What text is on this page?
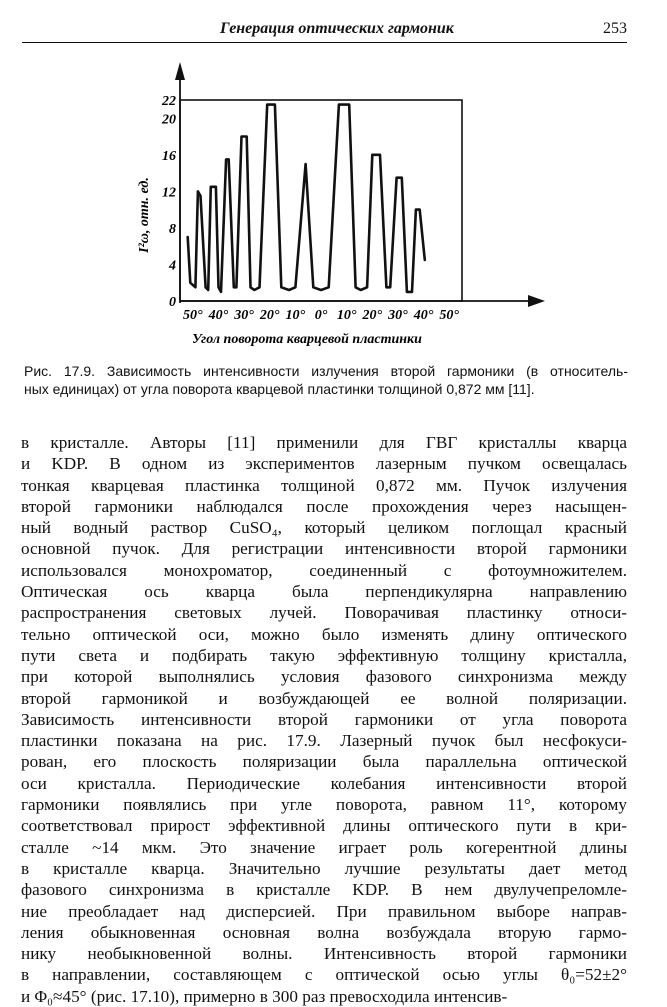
Генерация оптических гармоник	253
0
4
8
12
16
20
22
50° 40° 30° 20° 10° 0° 10° 20° 30° 40° 50°
I²ω, отн. ед.
Угол поворота кварцевой пластинки
Рис. 17.9. Зависимость интенсивности излучения второй гармоники (в относитель-
ных единицах) от угла поворота кварцевой пластинки толщиной 0,872 мм [11].
в кристалле. Авторы [11] применили для ГВГ кристаллы кварца
и KDP. В одном из экспериментов лазерным пучком освещалась
тонкая кварцевая пластинка толщиной 0,872 мм. Пучок излучения
второй гармоники наблюдался после прохождения через насыщен-
ный водный раствор CuSO₄, который целиком поглощал красный
основной пучок. Для регистрации интенсивности второй гармоники
использовался монохроматор, соединенный с фотоумножителем.
Оптическая ось кварца была перпендикулярна направлению
распространения световых лучей. Поворачивая пластинку относи-
тельно оптической оси, можно было изменять длину оптического
пути света и подбирать такую эффективную толщину кристалла,
при которой выполнялись условия фазового синхронизма между
второй гармоникой и возбуждающей ее волной поляризации.
Зависимость интенсивности второй гармоники от угла поворота
пластинки показана на рис. 17.9. Лазерный пучок был несфокуси-
рован, его плоскость поляризации была параллельна оптической
оси кристалла. Периодические колебания интенсивности второй
гармоники появлялись при угле поворота, равном 11°, которому
соответствовал прирост эффективной длины оптического пути в кри-
сталле ~14 мкм. Это значение играет роль когерентной длины
в кристалле кварца. Значительно лучшие результаты дает метод
фазового синхронизма в кристалле KDP. В нем двулучепреломле-
ние преобладает над дисперсией. При правильном выборе направ-
ления обыкновенная основная волна возбуждала вторую гармо-
нику необыкновенной волны. Интенсивность второй гармоники
в направлении, составляющем с оптической осью углы θ₀=52±2°
и Φ₀≈45° (рис. 17.10), примерно в 300 раз превосходила интенсив-
